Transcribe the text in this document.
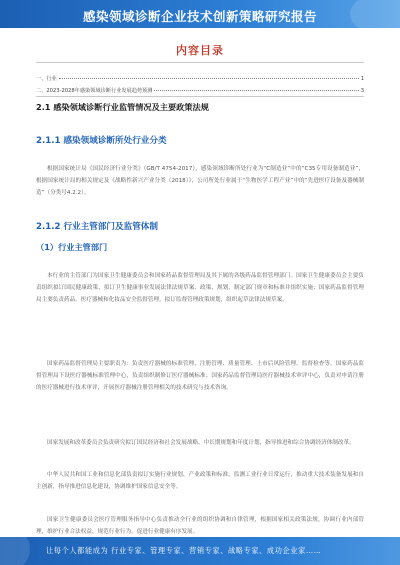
感染领域诊断企业技术创新策略研究报告
内容目录
一、行业	1
二、2023-2028年感染领域诊断行业发展趋势预测	3
2.1 感染领域诊断行业监管情况及主要政策法规
2.1.1 感染领域诊断所处行业分类

根据国家统计局《国民经济行业分类》（GB/T 4754-2017），感染领域诊断所处行业为“C制造业”中的“C35专用设备制造业”，根据国家统计局的相关规定及《战略性新兴产业分类（2018）》，公司所处行业属于“生物医学工程产业”中的“先进医疗设备及器械制造”（分类号4.2.2）。

2.1.2 行业主管部门及监管体制
（1）行业主管部门

本行业的主管部门为国家卫生健康委员会和国家药品监督管理局及其下属的各级药品监督管理部门。国家卫生健康委员会主要负责组织拟订国民健康政策，拟订卫生健康事业发展法律法规草案、政策、规划，制定部门规章和标准并组织实施；国家药品监督管理局主要负责药品、医疗器械和化妆品安全监督管理，拟订监督管理政策规划，组织起草法律法规草案。

国家药品监督管理局主要职责为：负责医疗器械的标准管理、注册管理、质量管理、上市后风险管理、监督检查等。国家药品监督管理局下设医疗器械标准管理中心，负责组织制修订医疗器械标准；国家药品监督管理局医疗器械技术审评中心，负责对申请注册的医疗器械进行技术审评，开展医疗器械注册管理相关的技术研究与技术咨询。

国家发展和改革委员会负责研究拟订国民经济和社会发展战略、中长期规划和年度计划，指导推进和综合协调经济体制改革。

中华人民共和国工业和信息化部负责拟订实施行业规划、产业政策和标准，监测工业行业日常运行，推动重大技术装备发展和自主创新，指导推进信息化建设，协调维护国家信息安全等。

国家卫生健康委员会医疗管理服务指导中心负责推动全行业的组织协调和自律管理，根据国家相关政策法规，协调行业内部管理，维护行业合法权益，规范行业行为，促进行业健康有序发展。

让每个人都能成为 行业专家、管理专家、营销专家、战略专家、成功企业家……
